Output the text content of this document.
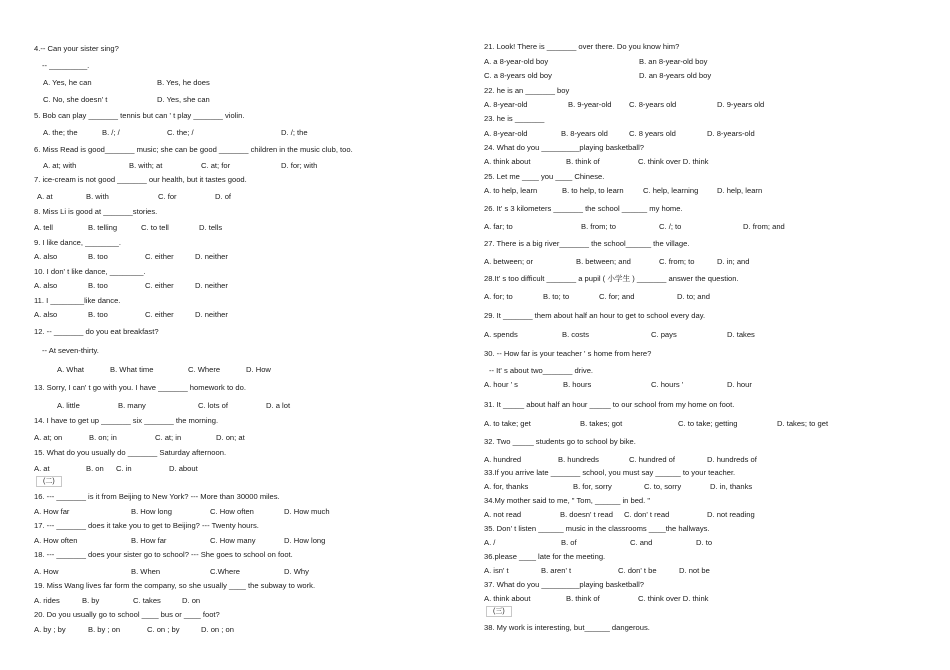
4.-- Can your sister sing?
-- _________.
A. Yes, he can	B. Yes, he does
C. No, she doesn' t	D. Yes, she can
5. Bob can play _______ tennis but can ' t play _______ violin.
A. the; the	B. /; /	C. the; /	D. /; the
6. Miss Read is good_______ music; she can be good _______ children in the music club, too.
A. at; with	B. with; at	C. at; for	D. for; with
7. ice-cream is not good _______ our health, but it tastes good.
A. at	B. with	C. for	D. of
8. Miss Li is good at _______stories.
A. tell	B. telling	C. to tell	D. tells
9. I like dance, ________.
A. also	B. too	C. either	D. neither
10. I don' t like dance, ________.
A. also	B. too	C. either	D. neither
11. I ________like dance.
A. also	B. too	C. either	D. neither
12. -- _______ do you eat breakfast?
-- At seven-thirty.
A. What	B. What time	C. Where	D. How
13. Sorry, I can' t go with you. I have _______ homework to do.
A. little	B. many	C. lots of	D. a lot
14. I have to get up _______ six _______ the morning.
A. at; on	B. on; in	C. at; in	D. on; at
15. What do you usually do _______ Saturday afternoon.
A. at	B. on C. in	D. about
(二)
16. --- _______ is it from Beijing to New York? --- More than 30000 miles.
A. How far	B. How long	C. How often	D. How much
17. --- _______ does it take you to get to Beijing? --- Twenty hours.
A. How often	B. How far	C. How many	D. How long
18. --- _______ does your sister go to school? --- She goes to school on foot.
A. How	B. When	C.Where	D. Why
19. Miss Wang lives far form the company, so she usually ____ the subway to work.
A. rides	B. by	C. takes	D. on
20. Do you usually go to school ____ bus or ____ foot?
A. by ; by	B. by ; on	C. on ; by	D. on ; on
21. Look! There is _______ over there. Do you know him?
A. a 8-year-old boy	B. an 8-year-old boy
C. a 8-years old boy	D. an 8-years old boy
22. he is an _______ boy
A. 8-year-old	B. 9-year-old C. 8-years old	D. 9-years old
23. he is _______
A. 8-year-old	B. 8-years old	C. 8 years old	D. 8-years-old
24. What do you _________playing basketball?
A. think about	B. think of	C. think over D. think
25. Let me ____ you ____ Chinese.
A. to help, learn	B. to help, to learn	C. help, learning D. help, learn
26. It' s 3 kilometers _______ the school ______ my home.
A. far; to	B. from; to	C. /; to	D. from; and
27. There is a big river_______ the school______ the village.
A. between; or	B. between; and	C. from; to	D. in; and
28.It' s too difficult _______ a pupil ( 小学生 ) _______ answer the question.
A. for; to	B. to; to	C. for; and	D. to; and
29. It _______ them about half an hour to get to school every day.
A. spends	B. costs	C. pays	D. takes
30. -- How far is your teacher ' s home from here?
-- It' s about two_______ drive.
A. hour ' s	B. hours	C. hours '	D. hour
31. It _____ about half an hour _____ to our school from my home on foot.
A. to take; get	B. takes; got	C. to take; getting	D. takes; to get
32. Two _____ students go to school by bike.
A. hundred	B. hundreds	C. hundred of	D. hundreds of
33.If you arrive late _______ school, you must say ______ to your teacher.
A. for, thanks	B. for, sorry	C. to, sorry	D. in, thanks
34.My mother said to me, " Tom, ______ in bed. "
A. not read	B. doesn' t read C. don' t read	D. not reading
35. Don' t listen ______ music in the classrooms ____the hallways.
A. /	B. of	C. and	D. to
36.please ____ late for the meeting.
A. isn' t	B. aren' t	C. don' t be	D. not be
37. What do you _________playing basketball?
A. think about	B. think of	C. think over D. think
(三)
38. My work is interesting, but______ dangerous.
